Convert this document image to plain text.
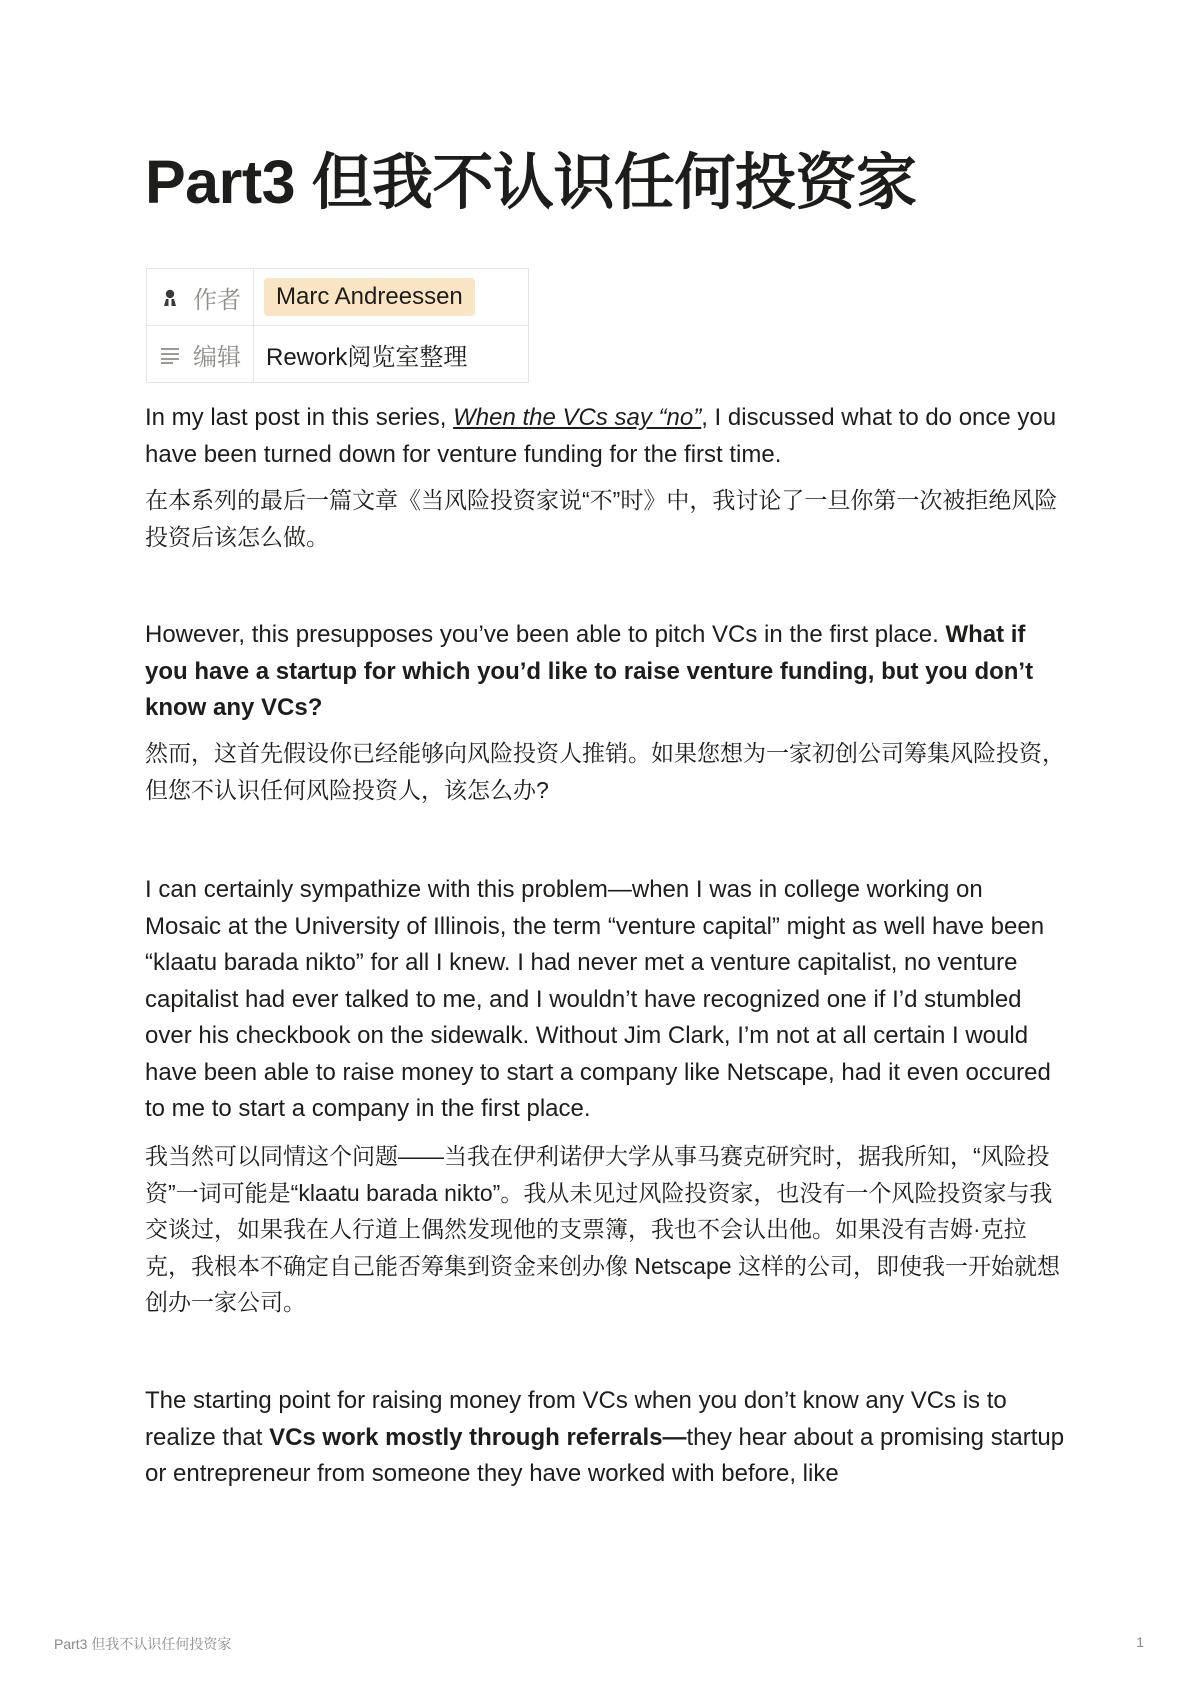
Part3 但我不认识任何投资家
作者	Marc Andreessen

编辑	Rework阅览室整理

In my last post in this series, When the VCs say “no”, I discussed what to do once you have been turned down for venture funding for the first time.

在本系列的最后一篇文章《当风险投资家说“不”时》中，我讨论了一旦你第一次被拒绝风险投资后该怎么做。

However, this presupposes you’ve been able to pitch VCs in the first place. What if you have a startup for which you’d like to raise venture funding, but you don’t know any VCs?

然而，这首先假设你已经能够向风险投资人推销。如果您想为一家初创公司筹集风险投资，但您不认识任何风险投资人，该怎么办?

I can certainly sympathize with this problem—when I was in college working on Mosaic at the University of Illinois, the term “venture capital” might as well have been “klaatu barada nikto” for all I knew. I had never met a venture capitalist, no venture capitalist had ever talked to me, and I wouldn’t have recognized one if I’d stumbled over his checkbook on the sidewalk. Without Jim Clark, I’m not at all certain I would have been able to raise money to start a company like Netscape, had it even occured to me to start a company in the first place.

我当然可以同情这个问题——当我在伊利诺伊大学从事马赛克研究时，据我所知，“风险投资”一词可能是“klaatu barada nikto”。我从未见过风险投资家，也没有一个风险投资家与我交谈过，如果我在人行道上偶然发现他的支票簿，我也不会认出他。如果没有吉姆·克拉克，我根本不确定自己能否筹集到资金来创办像 Netscape 这样的公司，即使我一开始就想创办一家公司。

The starting point for raising money from VCs when you don’t know any VCs is to realize that VCs work mostly through referrals—they hear about a promising startup or entrepreneur from someone they have worked with before, like

Part3 但我不认识任何投资家	1
